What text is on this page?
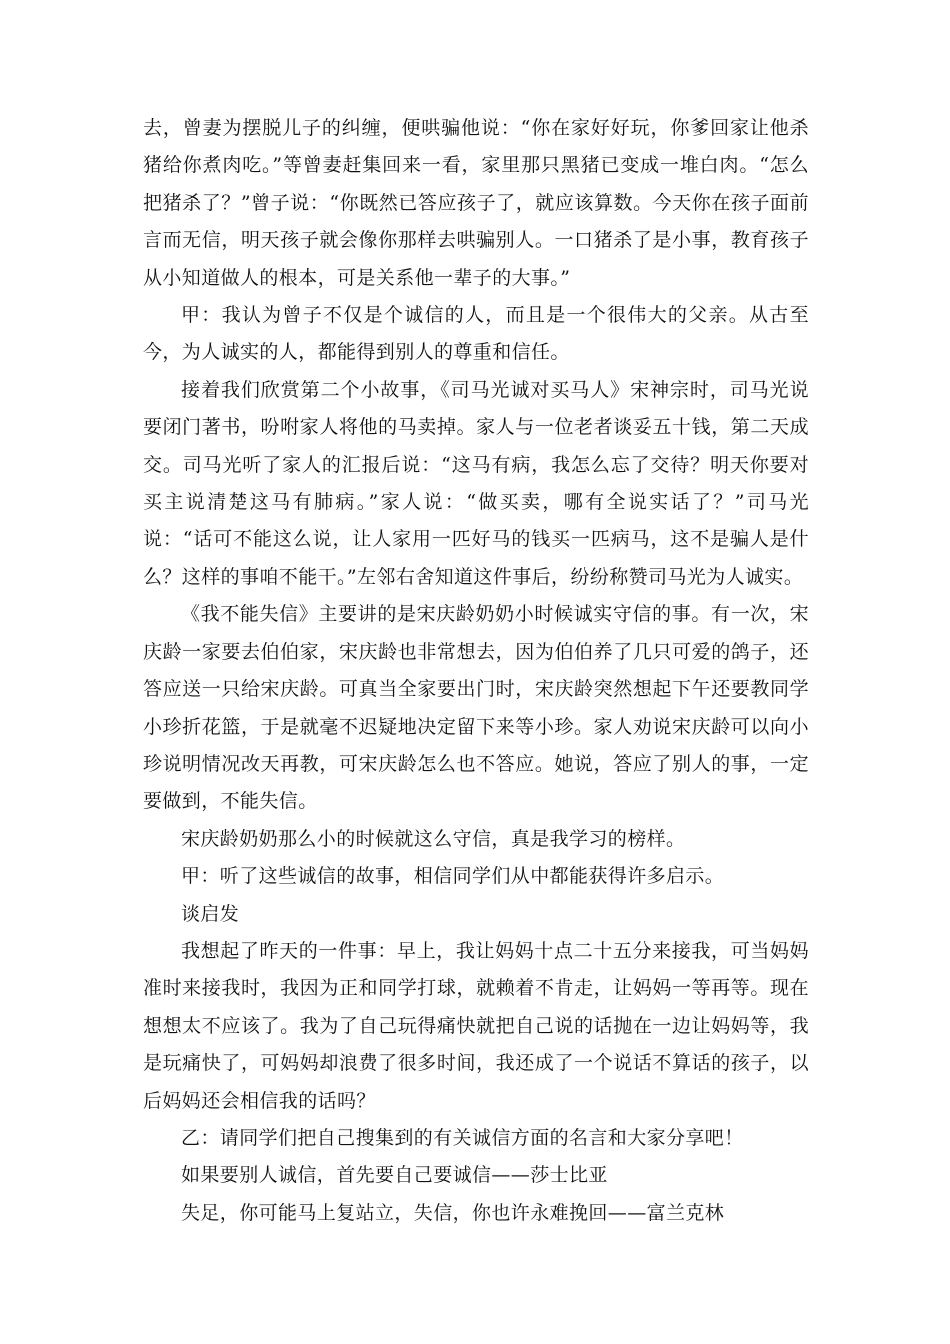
去，曾妻为摆脱儿子的纠缠，便哄骗他说：“你在家好好玩，你爹回家让他杀猪给你煮肉吃。”等曾妻赶集回来一看，家里那只黑猪已变成一堆白肉。“怎么把猪杀了？”曾子说：“你既然已答应孩子了，就应该算数。今天你在孩子面前言而无信，明天孩子就会像你那样去哄骗别人。一口猪杀了是小事，教育孩子从小知道做人的根本，可是关系他一辈子的大事。”

甲：我认为曾子不仅是个诚信的人，而且是一个很伟大的父亲。从古至今，为人诚实的人，都能得到别人的尊重和信任。

接着我们欣赏第二个小故事，《司马光诚对买马人》宋神宗时，司马光说要闭门著书，吩咐家人将他的马卖掉。家人与一位老者谈妥五十钱，第二天成交。司马光听了家人的汇报后说：“这马有病，我怎么忘了交待？明天你要对买主说清楚这马有肺病。”家人说：“做买卖，哪有全说实话了？”司马光说：“话可不能这么说，让人家用一匹好马的钱买一匹病马，这不是骗人是什么？这样的事咱不能干。”左邻右舍知道这件事后，纷纷称赞司马光为人诚实。

《我不能失信》主要讲的是宋庆龄奶奶小时候诚实守信的事。有一次，宋庆龄一家要去伯伯家，宋庆龄也非常想去，因为伯伯养了几只可爱的鸽子，还答应送一只给宋庆龄。可真当全家要出门时，宋庆龄突然想起下午还要教同学小珍折花篮，于是就毫不迟疑地决定留下来等小珍。家人劝说宋庆龄可以向小珍说明情况改天再教，可宋庆龄怎么也不答应。她说，答应了别人的事，一定要做到，不能失信。

宋庆龄奶奶那么小的时候就这么守信，真是我学习的榜样。

甲：听了这些诚信的故事，相信同学们从中都能获得许多启示。

谈启发

我想起了昨天的一件事：早上，我让妈妈十点二十五分来接我，可当妈妈准时来接我时，我因为正和同学打球，就赖着不肯走，让妈妈一等再等。现在想想太不应该了。我为了自己玩得痛快就把自己说的话抛在一边让妈妈等，我是玩痛快了，可妈妈却浪费了很多时间，我还成了一个说话不算话的孩子，以后妈妈还会相信我的话吗？

乙：请同学们把自己搜集到的有关诚信方面的名言和大家分享吧！

如果要别人诚信，首先要自己要诚信——莎士比亚

失足，你可能马上复站立，失信，你也许永难挽回——富兰克林
